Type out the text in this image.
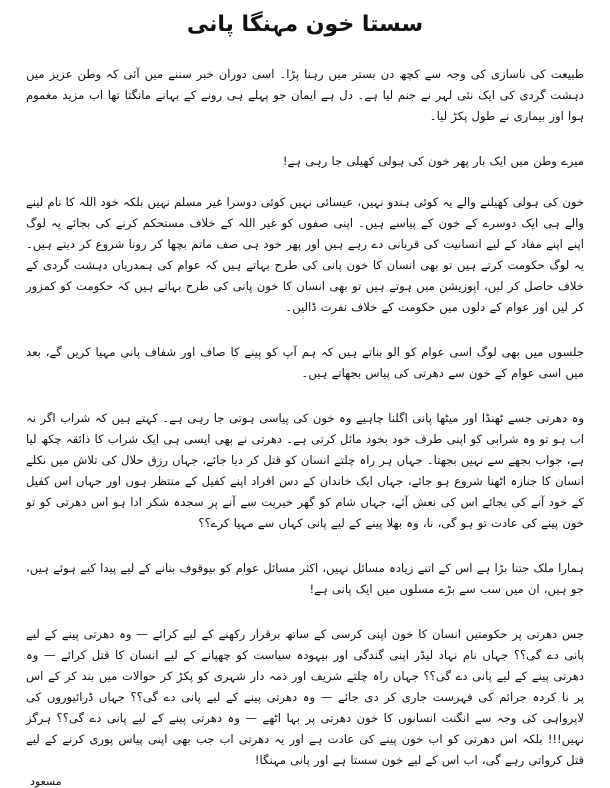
سستا خون مہنگا پانی

طبیعت کی ناسازی کی وجہ سے کچھ دن بستر میں رہنا پڑا۔ اسی دوران خبر سننے میں آئی کہ وطن عزیز میں دہشت گردی کی ایک نئی لہر نے جنم لیا ہے۔ دل ہے ایمان جو پہلے ہی رونے کے بہانے مانگتا تھا اب مزید مغموم ہوا اور بیماری نے طول پکڑ لیا۔

میرے وطن میں ایک بار پھر خون کی ہولی کھیلی جا رہی ہے!

خون کی ہولی کھیلنے والے یہ کوئی ہندو نہیں، عیسائی نہیں کوئی دوسرا غیر مسلم نہیں بلکہ خود اللہ کا نام لینے والے ہی ایک دوسرے کے خون کے پیاسے ہیں۔ اپنی صفوں کو غیر اللہ کے خلاف مستحکم کرنے کی بجائے یہ لوگ اپنے اپنے مفاد کے لیے انسانیت کی قربانی دے رہے ہیں اور پھر خود ہی صف ماتم بچھا کر رونا شروع کر دیتے ہیں۔ یہ لوگ حکومت کرتے ہیں تو بھی انسان کا خون پانی کی طرح بہاتے ہیں کہ عوام کی ہمدریاں دہشت گردی کے خلاف حاصل کر لیں، اپوزیشن میں ہوتے ہیں تو بھی انسان کا خون پانی کی طرح بہاتے ہیں کہ حکومت کو کمزور کر لیں اور عوام کے دلوں میں حکومت کے خلاف نفرت ڈالیں۔

جلسوں میں بھی لوگ اسی عوام کو الو بناتے ہیں کہ ہم آپ کو پینے کا صاف اور شفاف پانی مہیا کریں گے، بعد میں اسی عوام کے خون سے دھرتی کی پیاس بجھاتے ہیں۔

وہ دھرتی جسے ٹھنڈا اور میٹھا پانی اگلنا چاہیے وہ خون کی پیاسی ہوتی جا رہی ہے۔ کہتے ہیں کہ شراب اگر نہ اب ہو تو وہ شرابی کو اپنی طرف خود بخود مائل کرتی ہے۔ دھرتی نے بھی ایسی ہی ایک شراب کا ذائقہ چکھ لیا ہے، جواب بجھے سے نہیں بجھتا۔ جہاں ہر راہ چلتے انسان کو قتل کر دیا جائے، جہاں رزق حلال کی تلاش میں نکلے انسان کا جنازہ اٹھنا شروع ہو جائے، جہاں ایک خاندان کے دس افراد اپنے کفیل کے منتظر ہوں اور جہاں اس کفیل کے خود آنے کی بجائے اس کی نعش آئے، جہاں شام کو گھر خیریت سے آنے پر سجدہ شکر ادا ہو اس دھرتی کو تو خون پینے کی عادت تو ہو گی، نا، وہ بھلا پینے کے لیے پانی کہاں سے مہیا کرے؟؟

ہمارا ملک جتنا بڑا ہے اس کے اتنے زیادہ مسائل نہیں، اکثر مسائل عوام کو بیوقوف بنانے کے لیے پیدا کیے ہوئے ہیں، جو ہیں، ان میں سب سے بڑے مسلوں میں ایک پانی ہے!

جس دھرتی پر حکومتیں انسان کا خون اپنی کرسی کے ساتھ برقرار رکھنے کے لیے کرائے — وہ دھرتی پینے کے لیے پانی دے گی؟؟ جہاں نام نہاد لیڈر اپنی گندگی اور بیہودہ سیاست کو چھپانے کے لیے انسان کا قتل کرائے — وہ دھرتی پینے کے لیے پانی دے گی؟؟ جہاں راہ چلتے شریف اور ذمہ دار شہری کو پکڑ کر حوالات میں بند کر کے اس پر نا کردہ جرائم کی فہرست جاری کر دی جائے — وہ دھرتی پینے کے لیے پانی دے گی؟؟ جہاں ڈرائیوروں کی لاپرواہی کی وجہ سے انگنت انسانوں کا خون دھرتی پر بہا اٹھے — وہ دھرتی پینے کے لیے پانی دے گی؟؟ ہرگز نہیں!!! بلکہ اس دھرتی کو اب خون پینے کی عادت ہے اور یہ دھرتی اب جب بھی اپنی پیاس پوری کرنے کے لیے قتل کرواتی رہے گی، اب اس کے لیے خون سستا ہے اور پانی مہنگا!

مسعود
